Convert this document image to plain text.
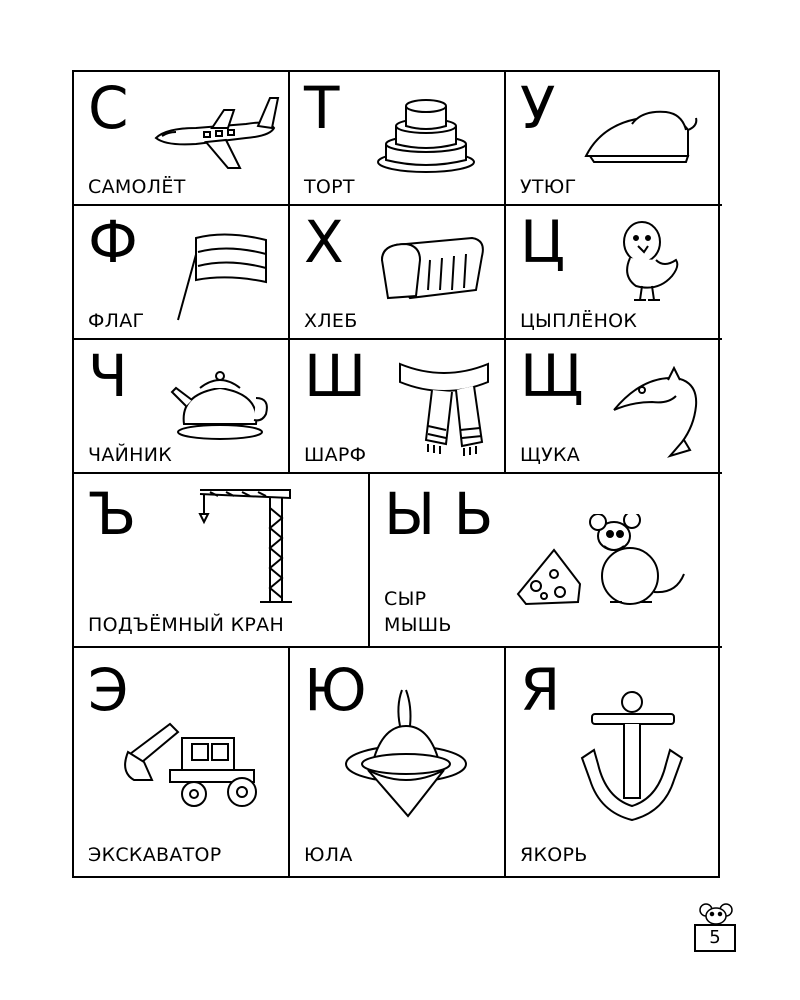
С
САМОЛЁТ
Т
ТОРТ
У
УТЮГ
Ф
ФЛАГ
Х
ХЛЕБ
Ц
ЦЫПЛЁНОК
Ч
ЧАЙНИК
Ш
ШАРФ
Щ
ЩУКА
Ъ
ПОДЪЁМНЫЙ КРАН
Ы Ь
СЫР
МЫШЬ
Э
ЭКСКАВАТОР
Ю
ЮЛА
Я
ЯКОРЬ
5
